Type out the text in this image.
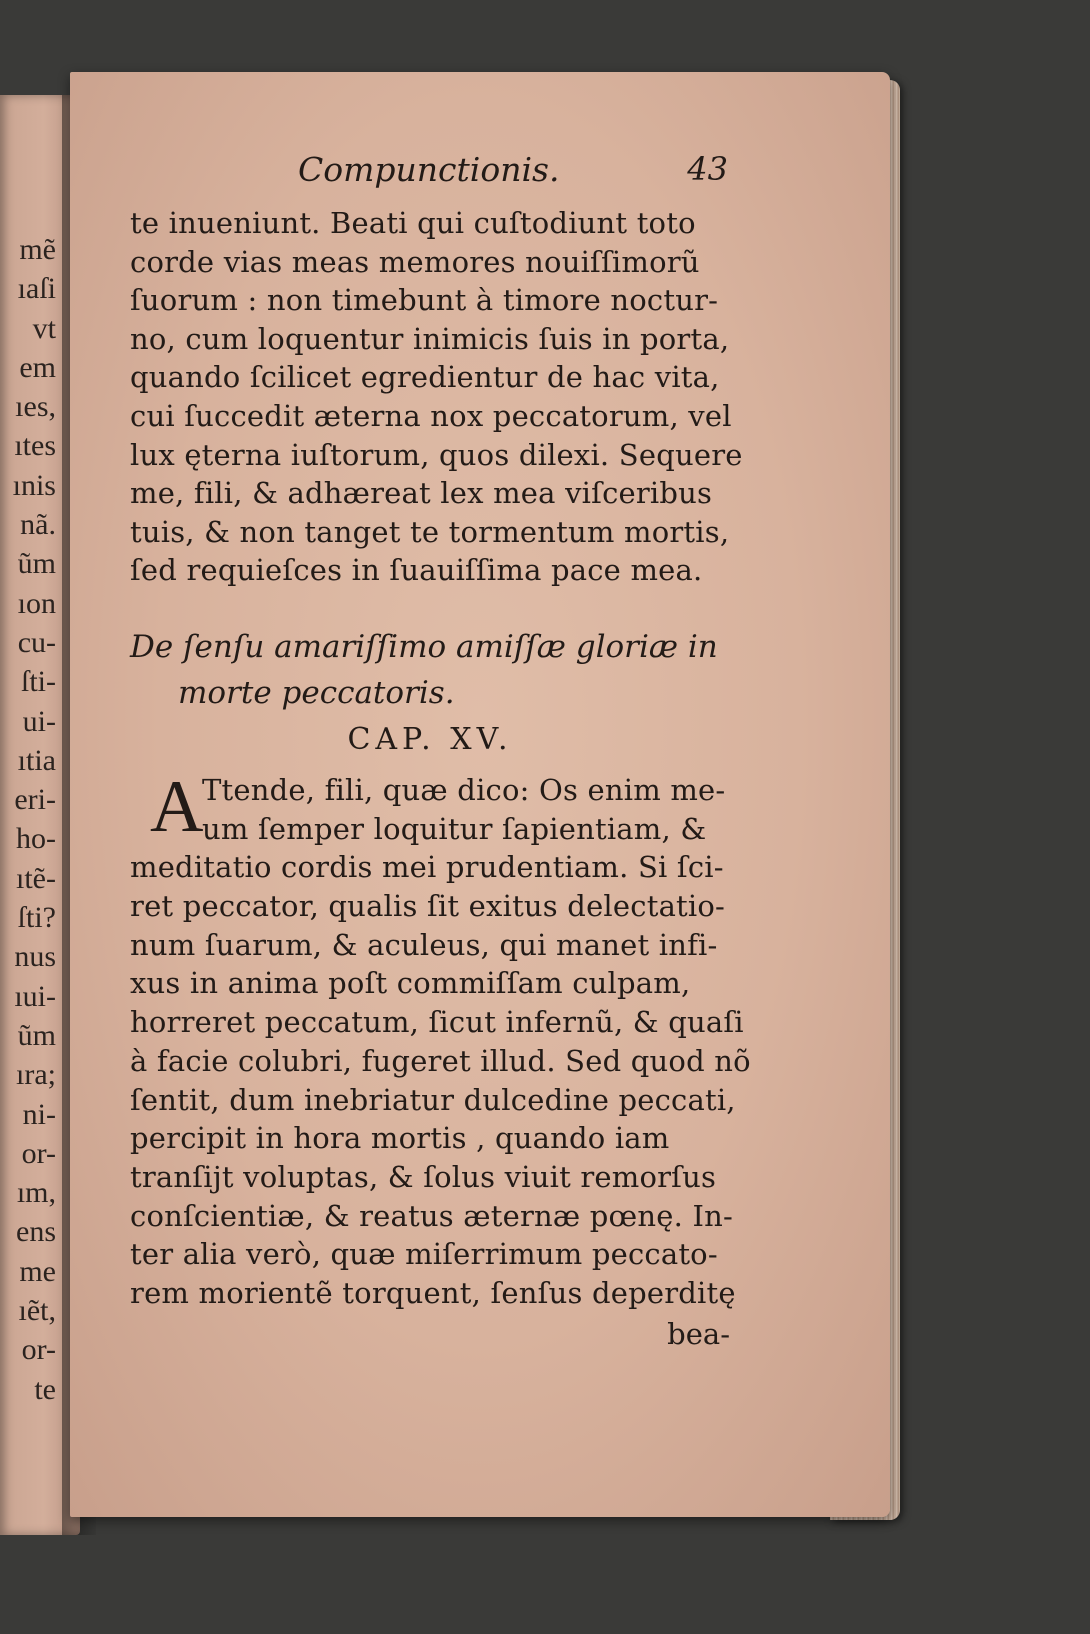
mẽ
ıaſi
vt
em
ıes,
ıtes
ınis
nã.
ũm
ıon
cu-
ſti-
ui-
ıtia
eri-
ho-
ıtẽ-
ſti?
nus
ıui-
ũm
ıra;
ni-
or-
ım,
ens
me
ıẽt,
or-
te
Compunctionis.	43
te inueniunt. Beati qui cuſtodiunt toto
corde vias meas memores nouiſſimorũ
ſuorum : non timebunt à timore noctur-
no, cum loquentur inimicis ſuis in porta,
quando ſcilicet egredientur de hac vita,
cui ſuccedit æterna nox peccatorum, vel
lux ęterna iuſtorum, quos dilexi. Sequere
me, fili, & adhæreat lex mea viſceribus
tuis, & non tanget te tormentum mortis,
ſed requieſces in ſuauiſſima pace mea.
De ſenſu amariſſimo amiſſæ gloriæ in
morte peccatoris.
CAP. XV.
A
Ttende, fili, quæ dico: Os enim me-
um ſemper loquitur ſapientiam, &
meditatio cordis mei prudentiam. Si ſci-
ret peccator, qualis ſit exitus delectatio-
num ſuarum, & aculeus, qui manet infi-
xus in anima poſt commiſſam culpam,
horreret peccatum, ſicut infernũ, & quaſi
à facie colubri, fugeret illud. Sed quod nõ
ſentit, dum inebriatur dulcedine peccati,
percipit in hora mortis , quando iam
tranſijt voluptas, & ſolus viuit remorſus
conſcientiæ, & reatus æternæ pœnę. In-
ter alia verò, quæ miſerrimum peccato-
rem morientẽ torquent, ſenſus deperditę
bea-
